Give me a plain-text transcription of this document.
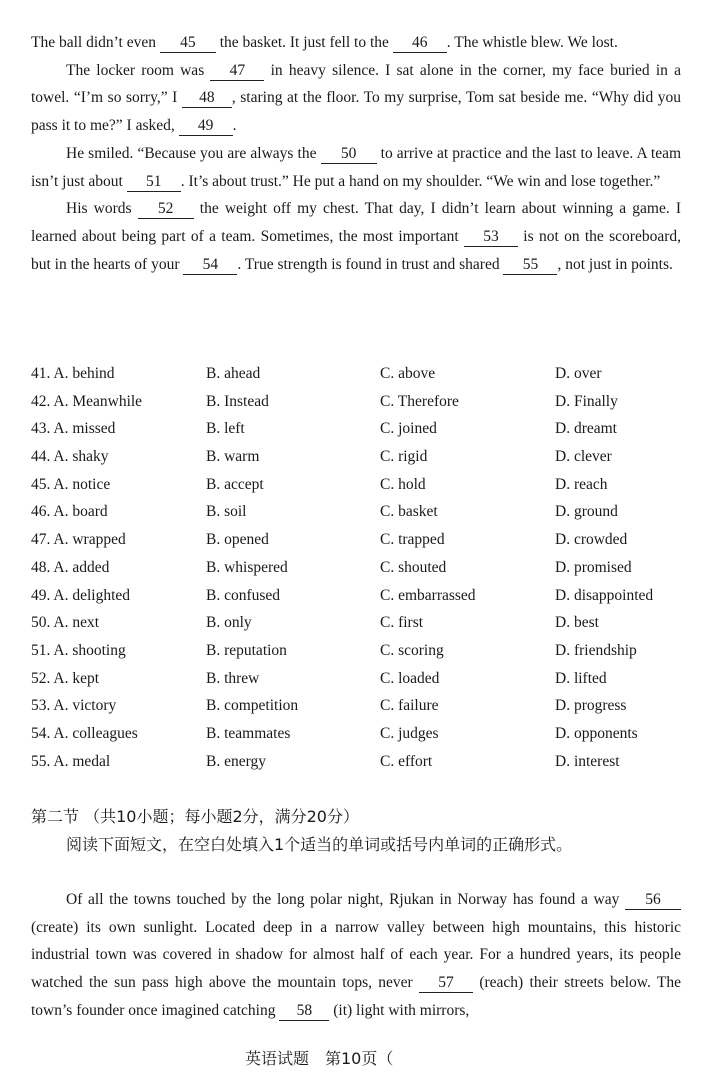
The ball didn’t even 45 the basket. It just fell to the 46 . The whistle blew. We lost.

The locker room was 47 in heavy silence. I sat alone in the corner, my face buried in a towel. “I’m so sorry,” I 48 , staring at the floor. To my surprise, Tom sat beside me. “Why did you pass it to me?” I asked, 49 .

He smiled. “Because you are always the 50 to arrive at practice and the last to leave. A team isn’t just about 51 . It’s about trust.” He put a hand on my shoulder. “We win and lose together.”

His words 52 the weight off my chest. That day, I didn’t learn about winning a game. I learned about being part of a team. Sometimes, the most important 53 is not on the scoreboard, but in the hearts of your 54 . True strength is found in trust and shared 55 , not just in points.

41. A. behind	B. ahead	C. above	D. over
42. A. Meanwhile	B. Instead	C. Therefore	D. Finally
43. A. missed	B. left	C. joined	D. dreamt
44. A. shaky	B. warm	C. rigid	D. clever
45. A. notice	B. accept	C. hold	D. reach
46. A. board	B. soil	C. basket	D. ground
47. A. wrapped	B. opened	C. trapped	D. crowded
48. A. added	B. whispered	C. shouted	D. promised
49. A. delighted	B. confused	C. embarrassed	D. disappointed
50. A. next	B. only	C. first	D. best
51. A. shooting	B. reputation	C. scoring	D. friendship
52. A. kept	B. threw	C. loaded	D. lifted
53. A. victory	B. competition	C. failure	D. progress
54. A. colleagues	B. teammates	C. judges	D. opponents
55. A. medal	B. energy	C. effort	D. interest
第二节 （共10小题；每小题2分，满分20分）
阅读下面短文，在空白处填入1个适当的单词或括号内单词的正确形式。

Of all the towns touched by the long polar night, Rjukan in Norway has found a way 56 (create) its own sunlight. Located deep in a narrow valley between high mountains, this historic industrial town was covered in shadow for almost half of each year. For a hundred years, its people watched the sun pass high above the mountain tops, never 57 (reach) their streets below. The town’s founder once imagined catching 58 (it) light with mirrors,

英语试题　第10页（
